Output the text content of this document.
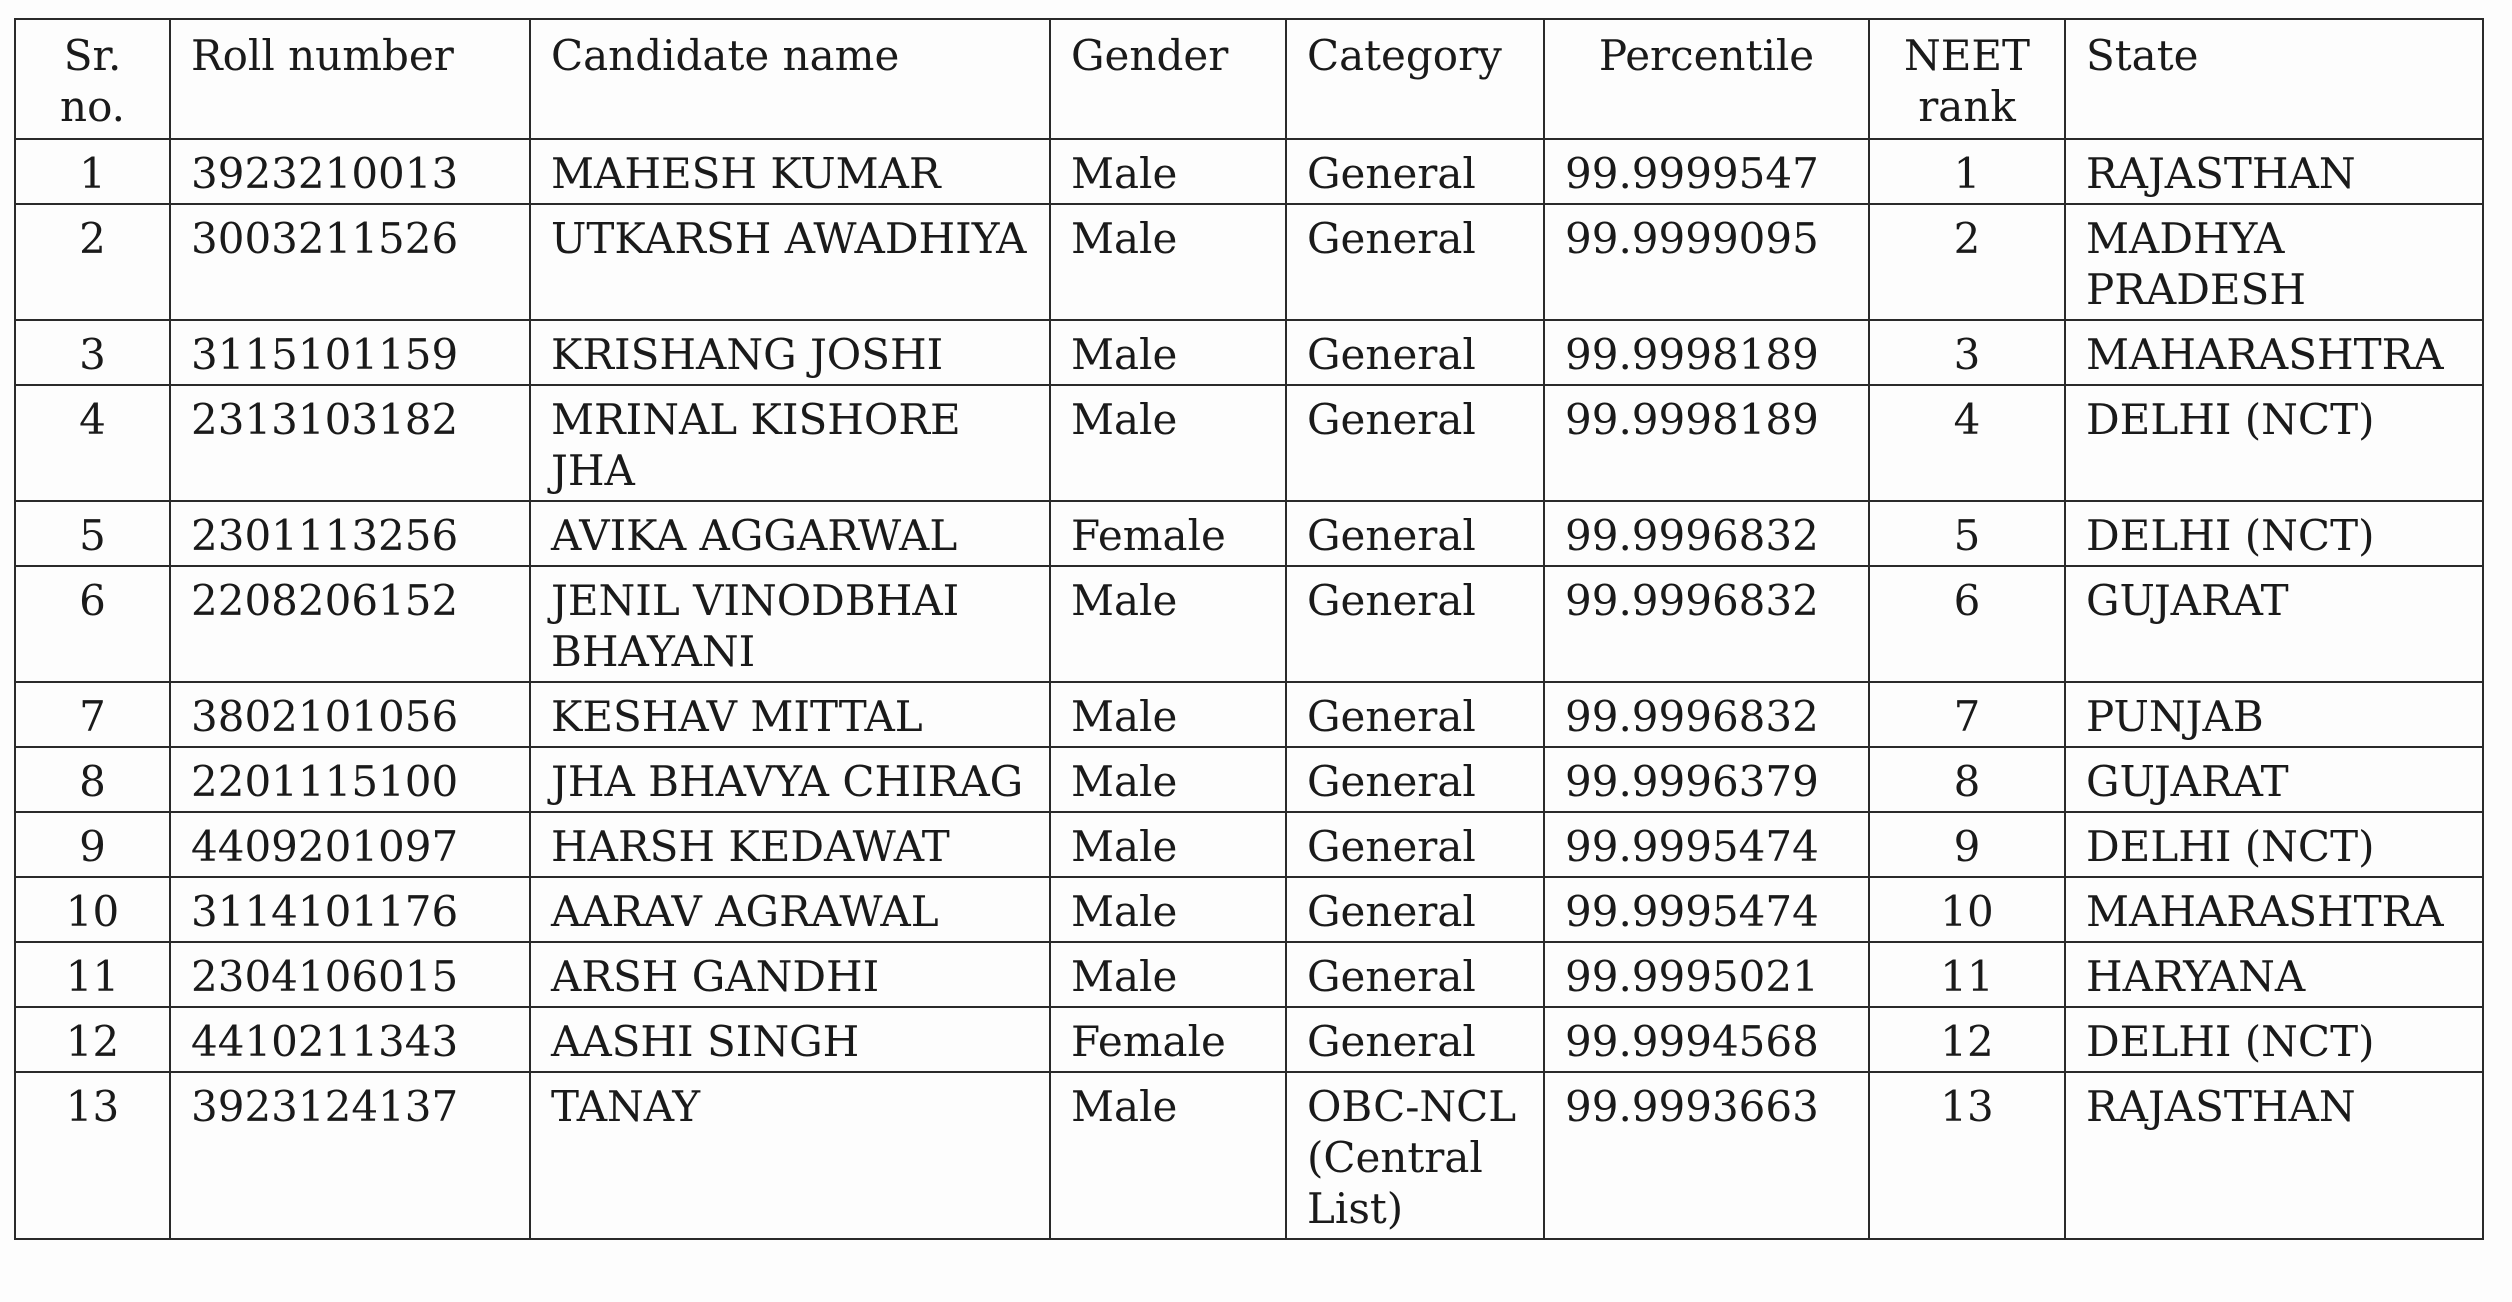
Sr. no.	Roll number	Candidate name	Gender	Category	Percentile	NEET rank	State
1	3923210013	MAHESH KUMAR	Male	General	99.9999547	1	RAJASTHAN
2	3003211526	UTKARSH AWADHIYA	Male	General	99.9999095	2	MADHYA PRADESH
3	3115101159	KRISHANG JOSHI	Male	General	99.9998189	3	MAHARASHTRA
4	2313103182	MRINAL KISHORE JHA	Male	General	99.9998189	4	DELHI (NCT)
5	2301113256	AVIKA AGGARWAL	Female	General	99.9996832	5	DELHI (NCT)
6	2208206152	JENIL VINODBHAI BHAYANI	Male	General	99.9996832	6	GUJARAT
7	3802101056	KESHAV MITTAL	Male	General	99.9996832	7	PUNJAB
8	2201115100	JHA BHAVYA CHIRAG	Male	General	99.9996379	8	GUJARAT
9	4409201097	HARSH KEDAWAT	Male	General	99.9995474	9	DELHI (NCT)
10	3114101176	AARAV AGRAWAL	Male	General	99.9995474	10	MAHARASHTRA
11	2304106015	ARSH GANDHI	Male	General	99.9995021	11	HARYANA
12	4410211343	AASHI SINGH	Female	General	99.9994568	12	DELHI (NCT)
13	3923124137	TANAY	Male	OBC-NCL (Central List)	99.9993663	13	RAJASTHAN
